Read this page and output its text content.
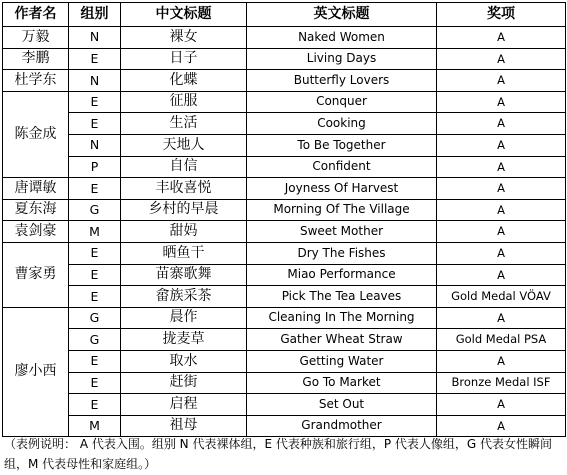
作者名	组别	中文标题	英文标题	奖项
万毅	N	裸女	Naked Women	A
李鹏	E	日子	Living Days	A
杜学东	N	化蝶	Butterfly Lovers	A
陈金成	E	征服	Conquer	A
	E	生活	Cooking	A
	N	天地人	To Be Together	A
	P	自信	Confident	A
唐谭敏	E	丰收喜悦	Joyness Of Harvest	A
夏东海	G	乡村的早晨	Morning Of The Village	A
袁剑豪	M	甜妈	Sweet Mother	A
曹家勇	E	晒鱼干	Dry The Fishes	A
	E	苗寨歌舞	Miao Performance	A
	E	畲族采茶	Pick The Tea Leaves	Gold Medal VÖAV
廖小西	G	晨作	Cleaning In The Morning	A
	G	拢麦草	Gather Wheat Straw	Gold Medal PSA
	E	取水	Getting Water	A
	E	赶街	Go To Market	Bronze Medal ISF
	E	启程	Set Out	A
	M	祖母	Grandmother	A
（表例说明： A 代表入围。组别 N 代表裸体组，E 代表种族和旅行组，P 代表人像组，G 代表女性瞬间组，M 代表母性和家庭组。）
